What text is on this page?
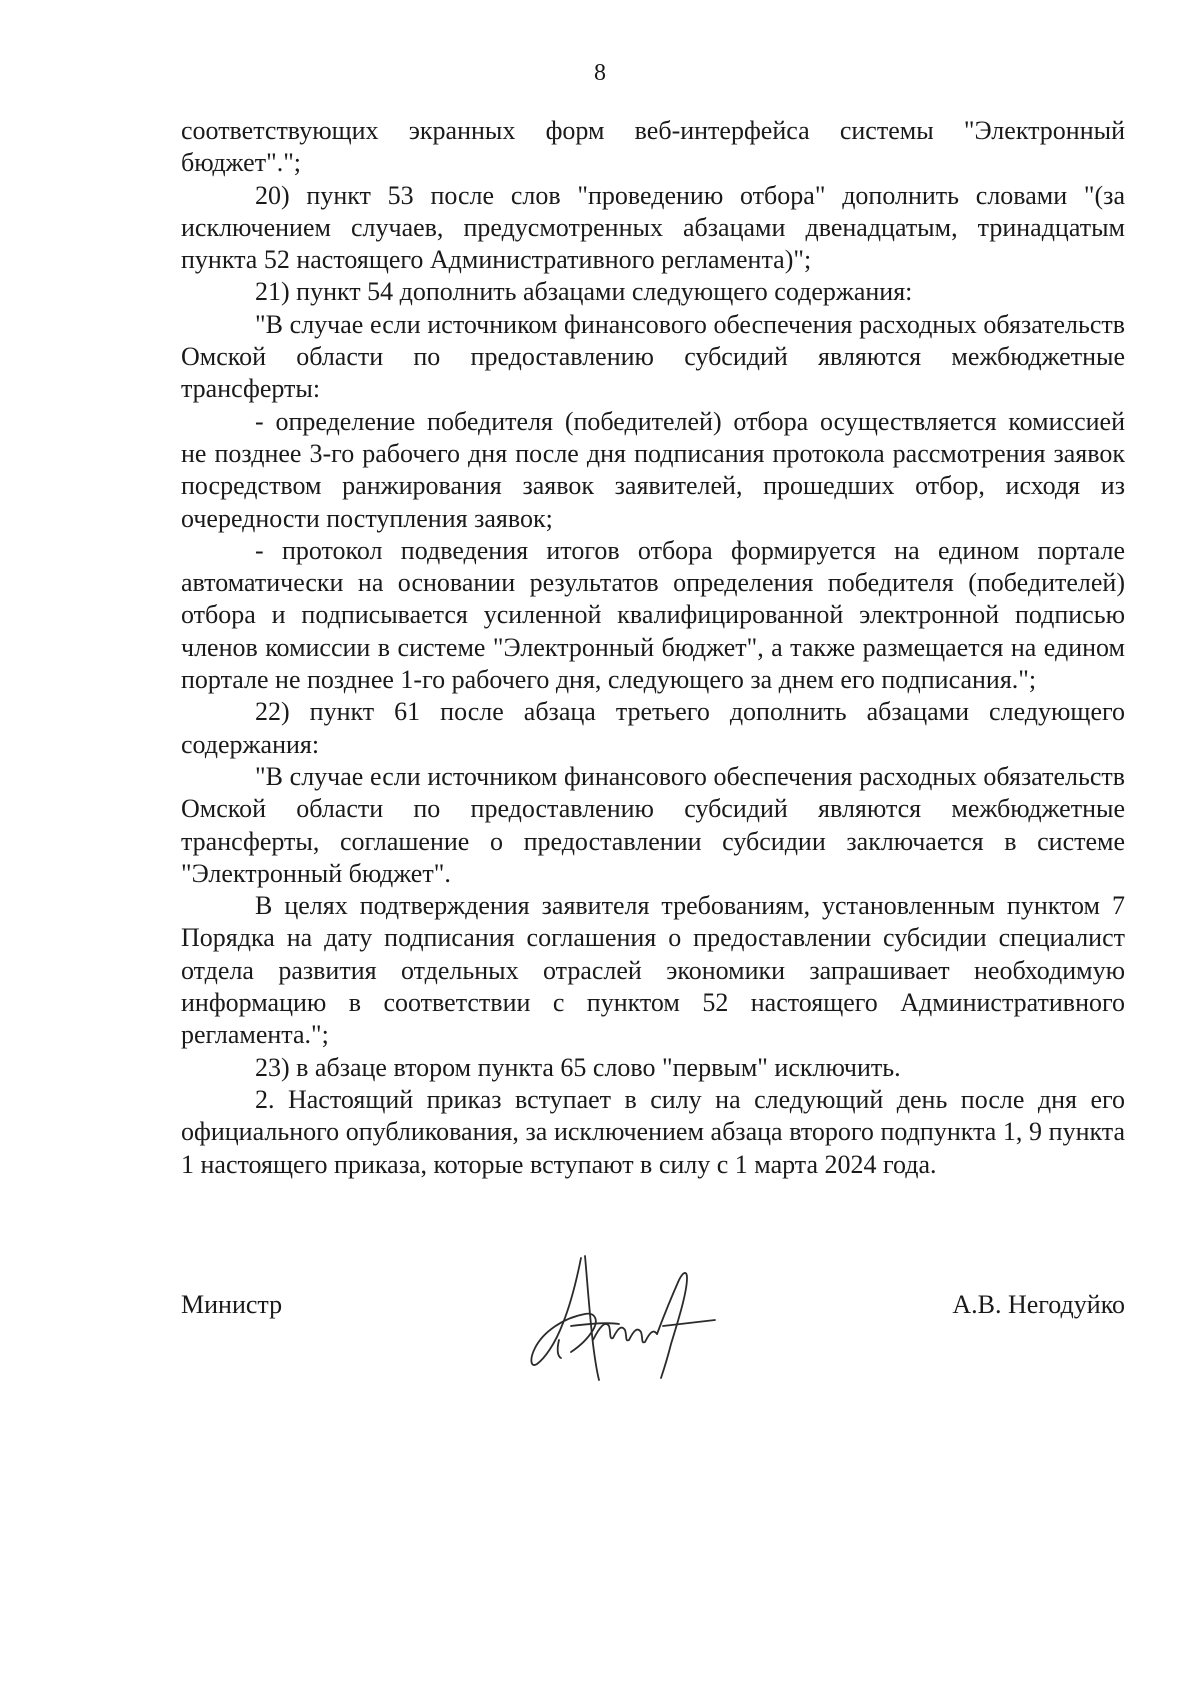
8

соответствующих экранных форм веб-интерфейса системы "Электронный бюджет".";

20) пункт 53 после слов "проведению отбора" дополнить словами "(за исключением случаев, предусмотренных абзацами двенадцатым, тринадцатым пункта 52 настоящего Административного регламента)";

21) пункт 54 дополнить абзацами следующего содержания:

"В случае если источником финансового обеспечения расходных обязательств Омской области по предоставлению субсидий являются межбюджетные трансферты:

- определение победителя (победителей) отбора осуществляется комиссией не позднее 3-го рабочего дня после дня подписания протокола рассмотрения заявок посредством ранжирования заявок заявителей, прошедших отбор, исходя из очередности поступления заявок;

- протокол подведения итогов отбора формируется на едином портале автоматически на основании результатов определения победителя (победителей) отбора и подписывается усиленной квалифицированной электронной подписью членов комиссии в системе "Электронный бюджет", а также размещается на едином портале не позднее 1-го рабочего дня, следующего за днем его подписания.";

22) пункт 61 после абзаца третьего дополнить абзацами следующего содержания:

"В случае если источником финансового обеспечения расходных обязательств Омской области по предоставлению субсидий являются межбюджетные трансферты, соглашение о предоставлении субсидии заключается в системе "Электронный бюджет".

В целях подтверждения заявителя требованиям, установленным пунктом 7 Порядка на дату подписания соглашения о предоставлении субсидии специалист отдела развития отдельных отраслей экономики запрашивает необходимую информацию в соответствии с пунктом 52 настоящего Административного регламента.";

23) в абзаце втором пункта 65 слово "первым" исключить.

2. Настоящий приказ вступает в силу на следующий день после дня его официального опубликования, за исключением абзаца второго подпункта 1, 9 пункта 1 настоящего приказа, которые вступают в силу с 1 марта 2024 года.

Министр	А.В. Негодуйко
